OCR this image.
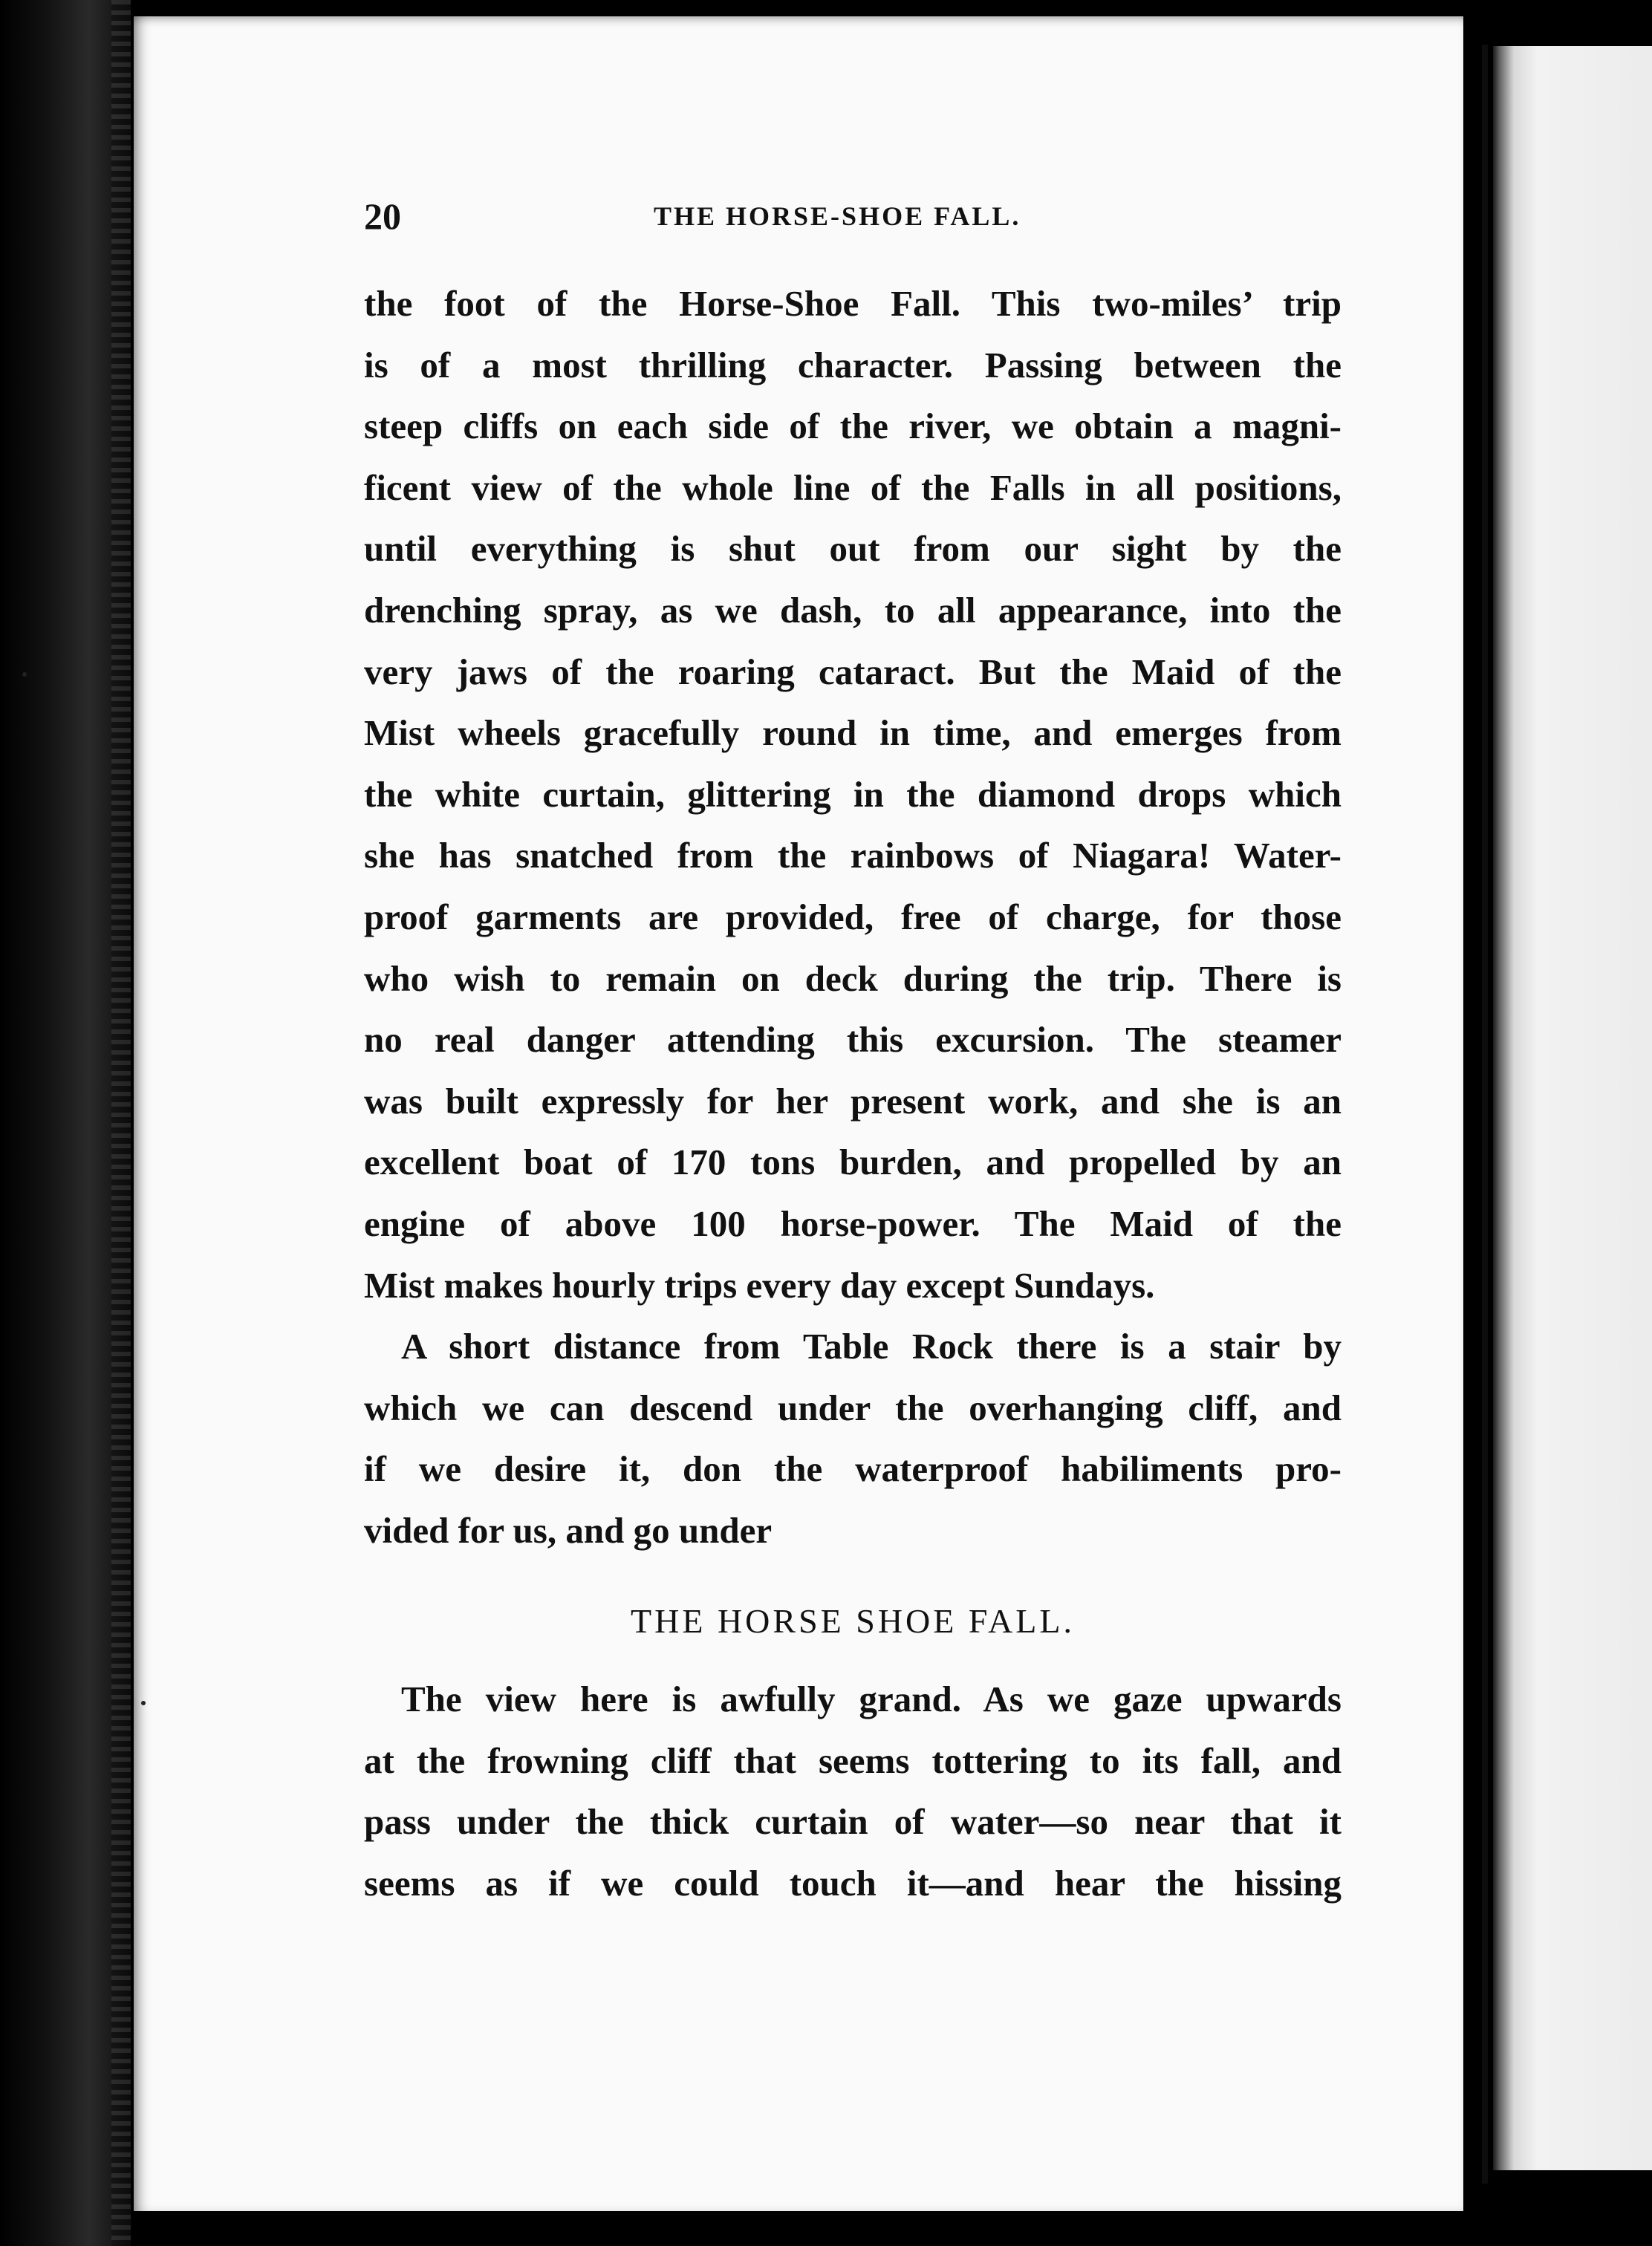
20	THE HORSE-SHOE FALL.
the foot of the Horse-Shoe Fall. This two-miles’ trip
is of a most thrilling character. Passing between the
steep cliffs on each side of the river, we obtain a magni-
ficent view of the whole line of the Falls in all positions,
until everything is shut out from our sight by the
drenching spray, as we dash, to all appearance, into the
very jaws of the roaring cataract. But the Maid of the
Mist wheels gracefully round in time, and emerges from
the white curtain, glittering in the diamond drops which
she has snatched from the rainbows of Niagara! Water-
proof garments are provided, free of charge, for those
who wish to remain on deck during the trip. There is
no real danger attending this excursion. The steamer
was built expressly for her present work, and she is an
excellent boat of 170 tons burden, and propelled by an
engine of above 100 horse-power. The Maid of the
Mist makes hourly trips every day except Sundays.
A short distance from Table Rock there is a stair by
which we can descend under the overhanging cliff, and
if we desire it, don the waterproof habiliments pro-
vided for us, and go under
THE HORSE SHOE FALL.
The view here is awfully grand. As we gaze upwards
at the frowning cliff that seems tottering to its fall, and
pass under the thick curtain of water—so near that it
seems as if we could touch it—and hear the hissing
